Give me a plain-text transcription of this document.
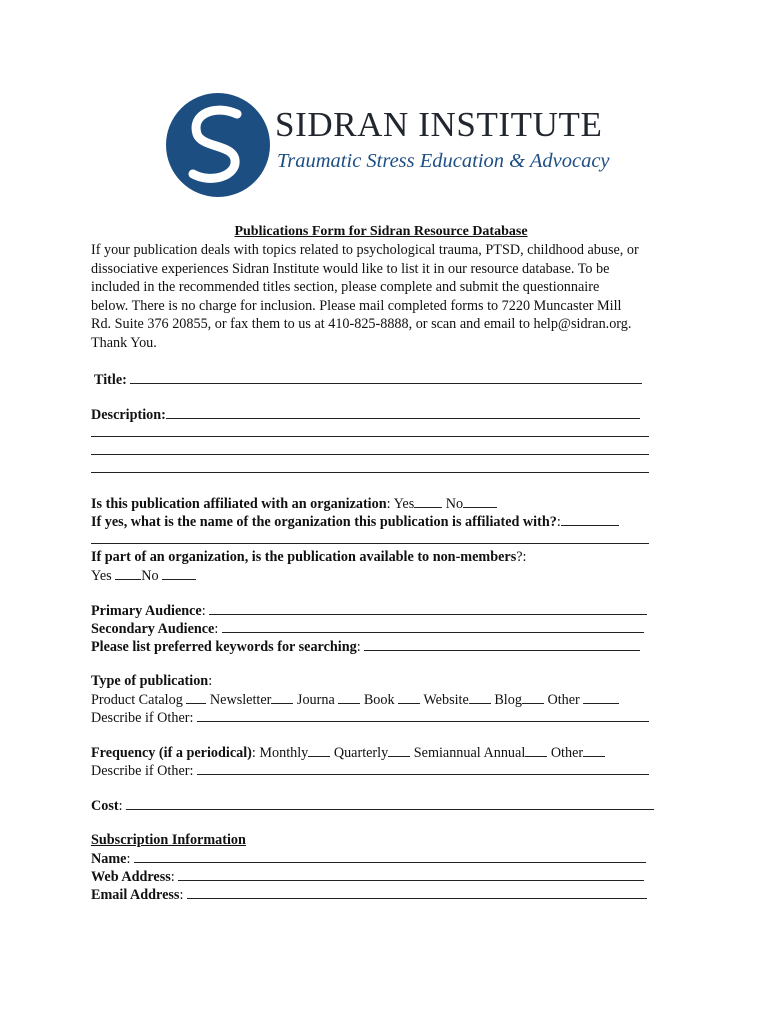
SIDRAN INSTITUTE
Traumatic Stress Education & Advocacy
Publications Form for Sidran Resource Database
If your publication deals with topics related to psychological trauma, PTSD, childhood abuse, or
dissociative experiences Sidran Institute would like to list it in our resource database. To be
included in the recommended titles section, please complete and submit the questionnaire
below. There is no charge for inclusion. Please mail completed forms to 7220 Muncaster Mill
Rd. Suite 376 20855, or fax them to us at 410-825-8888, or scan and email to help@sidran.org.
Thank You.
Title:
Description:
Is this publication affiliated with an organization: Yes No
If yes, what is the name of the organization this publication is affiliated with?:
If part of an organization, is the publication available to non-members?:
Yes No
Primary Audience:
Secondary Audience:
Please list preferred keywords for searching:
Type of publication:
Product Catalog  Newsletter Journa  Book  Website Blog Other
Describe if Other:
Frequency (if a periodical): Monthly Quarterly Semiannual Annual Other
Describe if Other:
Cost:
Subscription Information
Name:
Web Address:
Email Address:
